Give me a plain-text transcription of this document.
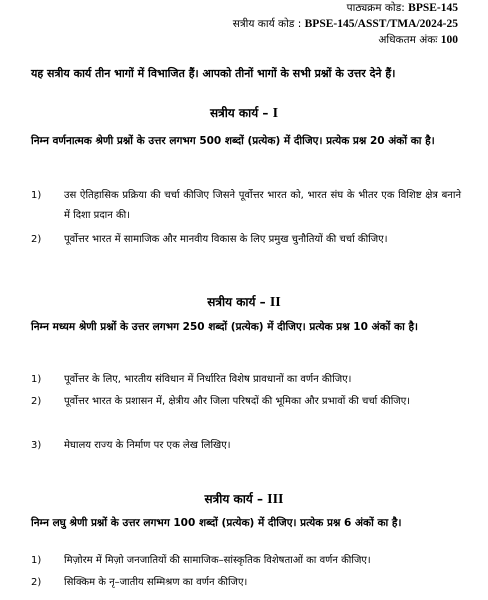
पाठ्यक्रम कोड: BPSE-145
सत्रीय कार्य कोड : BPSE-145/ASST/TMA/2024-25
अधिकतम अंकः 100
यह सत्रीय कार्य तीन भागों में विभाजित हैं। आपको तीनों भागों के सभी प्रश्नों के उत्तर देने हैं।
सत्रीय कार्य – I
निम्न वर्णनात्मक श्रेणी प्रश्नों के उत्तर लगभग 500 शब्दों (प्रत्येक) में दीजिए। प्रत्येक प्रश्न 20 अंकों का है।
1)	उस ऐतिहासिक प्रक्रिया की चर्चा कीजिए जिसने पूर्वोत्तर भारत को, भारत संघ के भीतर एक विशिष्ट क्षेत्र बनाने में दिशा प्रदान की।
2)	पूर्वोत्तर भारत में सामाजिक और मानवीय विकास के लिए प्रमुख चुनौतियों की चर्चा कीजिए।
सत्रीय कार्य – II
निम्न मध्यम श्रेणी प्रश्नों के उत्तर लगभग 250 शब्दों (प्रत्येक) में दीजिए। प्रत्येक प्रश्न 10 अंकों का है।
1)	पूर्वोत्तर के लिए, भारतीय संविधान में निर्धारित विशेष प्रावधानों का वर्णन कीजिए।
2)	पूर्वोत्तर भारत के प्रशासन में, क्षेत्रीय और जिला परिषदों की भूमिका और प्रभावों की चर्चा कीजिए।
3)	मेघालय राज्य के निर्माण पर एक लेख लिखिए।
सत्रीय कार्य – III
निम्न लघु श्रेणी प्रश्नों के उत्तर लगभग 100 शब्दों (प्रत्येक) में दीजिए। प्रत्येक प्रश्न 6 अंकों का है।
1)	मिज़ोरम में मिज़ो जनजातियों की सामाजिक–सांस्कृतिक विशेषताओं का वर्णन कीजिए।
2)	सिक्किम के नृ–जातीय सम्मिश्रण का वर्णन कीजिए।
